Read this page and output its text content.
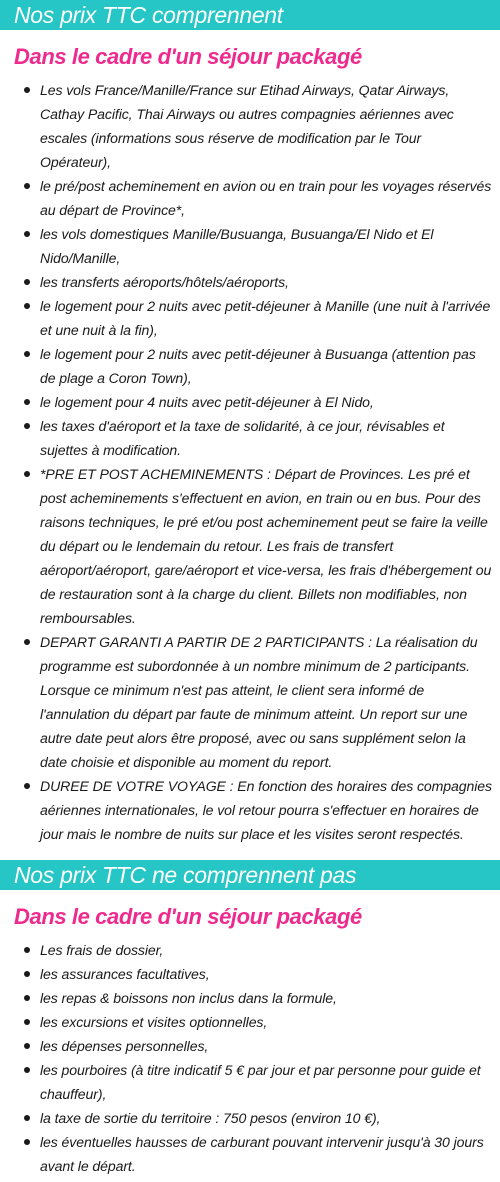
Nos prix TTC comprennent
Dans le cadre d'un séjour packagé
Les vols France/Manille/France sur Etihad Airways, Qatar Airways, Cathay Pacific, Thai Airways ou autres compagnies aériennes avec escales (informations sous réserve de modification par le Tour Opérateur),
le pré/post acheminement en avion ou en train pour les voyages réservés au départ de Province*,
les vols domestiques Manille/Busuanga, Busuanga/El Nido et El Nido/Manille,
les transferts aéroports/hôtels/aéroports,
le logement pour 2 nuits avec petit-déjeuner à Manille (une nuit à l'arrivée et une nuit à la fin),
le logement pour 2 nuits avec petit-déjeuner à Busuanga (attention pas de plage a Coron Town),
le logement pour 4 nuits avec petit-déjeuner à El Nido,
les taxes d'aéroport et la taxe de solidarité, à ce jour, révisables et sujettes à modification.
*PRE ET POST ACHEMINEMENTS : Départ de Provinces. Les pré et post acheminements s'effectuent en avion, en train ou en bus. Pour des raisons techniques, le pré et/ou post acheminement peut se faire la veille du départ ou le lendemain du retour. Les frais de transfert aéroport/aéroport, gare/aéroport et vice-versa, les frais d'hébergement ou de restauration sont à la charge du client. Billets non modifiables, non remboursables.
DEPART GARANTI A PARTIR DE 2 PARTICIPANTS : La réalisation du programme est subordonnée à un nombre minimum de 2 participants. Lorsque ce minimum n'est pas atteint, le client sera informé de l'annulation du départ par faute de minimum atteint. Un report sur une autre date peut alors être proposé, avec ou sans supplément selon la date choisie et disponible au moment du report.
DUREE DE VOTRE VOYAGE : En fonction des horaires des compagnies aériennes internationales, le vol retour pourra s'effectuer en horaires de jour mais le nombre de nuits sur place et les visites seront respectés.
Nos prix TTC ne comprennent pas
Dans le cadre d'un séjour packagé
Les frais de dossier,
les assurances facultatives,
les repas & boissons non inclus dans la formule,
les excursions et visites optionnelles,
les dépenses personnelles,
les pourboires (à titre indicatif 5 € par jour et par personne pour guide et chauffeur),
la taxe de sortie du territoire : 750 pesos (environ 10 €),
les éventuelles hausses de carburant pouvant intervenir jusqu'à 30 jours avant le départ.
